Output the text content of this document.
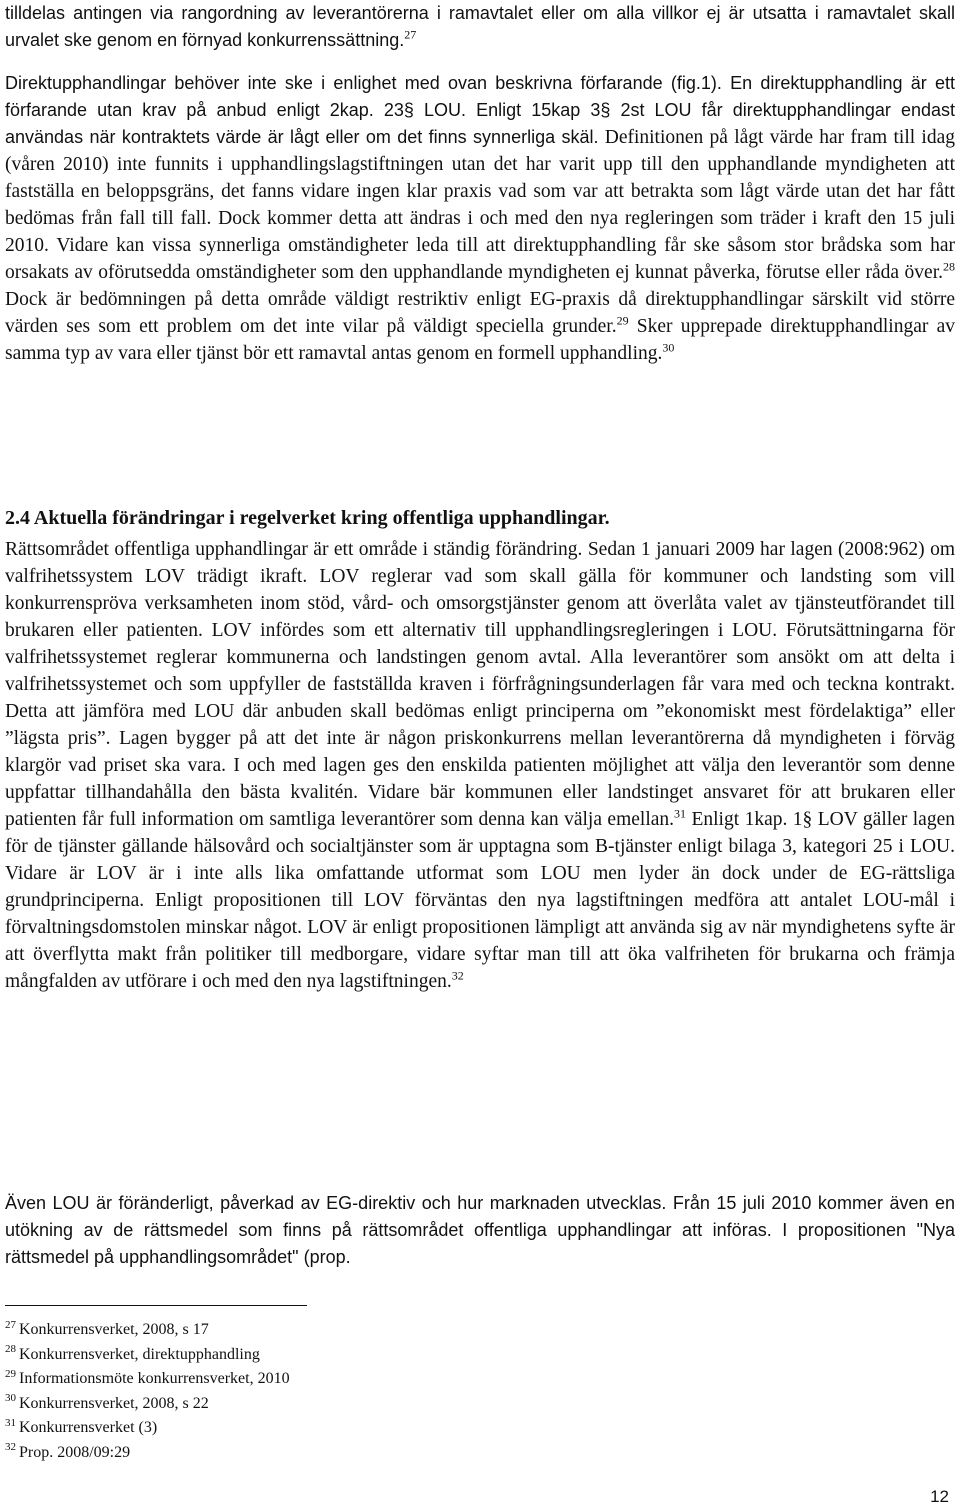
tilldelas antingen via rangordning av leverantörerna i ramavtalet eller om alla villkor ej är utsatta i ramavtalet skall urvalet ske genom en förnyad konkurrenssättning.$^{27}$

Direktupphandlingar behöver inte ske i enlighet med ovan beskrivna förfarande (fig.1). En direktupphandling är ett förfarande utan krav på anbud enligt 2kap. 23§ LOU. Enligt 15kap 3§ 2st LOU får direktupphandlingar endast användas när kontraktets värde är lågt eller om det finns synnerliga skäl. Definitionen på lågt värde har fram till idag (våren 2010) inte funnits i upphandlingslagstiftningen utan det har varit upp till den upphandlande myndigheten att fastställa en beloppsgräns, det fanns vidare ingen klar praxis vad som var att betrakta som lågt värde utan det har fått bedömas från fall till fall. Dock kommer detta att ändras i och med den nya regleringen som träder i kraft den 15 juli 2010. Vidare kan vissa synnerliga omständigheter leda till att direktupphandling får ske såsom stor brådska som har orsakats av oförutsedda omständigheter som den upphandlande myndigheten ej kunnat påverka, förutse eller råda över.$^{28}$ Dock är bedömningen på detta område väldigt restriktiv enligt EG-praxis då direktupphandlingar särskilt vid större värden ses som ett problem om det inte vilar på väldigt speciella grunder.$^{29}$ Sker upprepade direktupphandlingar av samma typ av vara eller tjänst bör ett ramavtal antas genom en formell upphandling.$^{30}$

2.4 Aktuella förändringar i regelverket kring offentliga upphandlingar.

Rättsområdet offentliga upphandlingar är ett område i ständig förändring. Sedan 1 januari 2009 har lagen (2008:962) om valfrihetssystem LOV trädigt ikraft. LOV reglerar vad som skall gälla för kommuner och landsting som vill konkurrenspröva verksamheten inom stöd, vård- och omsorgstjänster genom att överlåta valet av tjänsteutförandet till brukaren eller patienten. LOV infördes som ett alternativ till upphandlingsregleringen i LOU. Förutsättningarna för valfrihetssystemet reglerar kommunerna och landstingen genom avtal. Alla leverantörer som ansökt om att delta i valfrihetssystemet och som uppfyller de fastställda kraven i förfrågningsunderlagen får vara med och teckna kontrakt. Detta att jämföra med LOU där anbuden skall bedömas enligt principerna om ”ekonomiskt mest fördelaktiga” eller ”lägsta pris”. Lagen bygger på att det inte är någon priskonkurrens mellan leverantörerna då myndigheten i förväg klargör vad priset ska vara. I och med lagen ges den enskilda patienten möjlighet att välja den leverantör som denne uppfattar tillhandahålla den bästa kvalitén. Vidare bär kommunen eller landstinget ansvaret för att brukaren eller patienten får full information om samtliga leverantörer som denna kan välja emellan.$^{31}$ Enligt 1kap. 1§ LOV gäller lagen för de tjänster gällande hälsovård och socialtjänster som är upptagna som B-tjänster enligt bilaga 3, kategori 25 i LOU. Vidare är LOV är i inte alls lika omfattande utformat som LOU men lyder än dock under de EG-rättsliga grundprinciperna. Enligt propositionen till LOV förväntas den nya lagstiftningen medföra att antalet LOU-mål i förvaltningsdomstolen minskar något. LOV är enligt propositionen lämpligt att använda sig av när myndighetens syfte är att överflytta makt från politiker till medborgare, vidare syftar man till att öka valfriheten för brukarna och främja mångfalden av utförare i och med den nya lagstiftningen.$^{32}$

Även LOU är föränderligt, påverkad av EG-direktiv och hur marknaden utvecklas. Från 15 juli 2010 kommer även en utökning av de rättsmedel som finns på rättsområdet offentliga upphandlingar att införas. I propositionen "Nya rättsmedel på upphandlingsområdet" (prop.

$^{27}$ Konkurrensverket, 2008, s 17
$^{28}$ Konkurrensverket, direktupphandling
$^{29}$ Informationsmöte konkurrensverket, 2010
$^{30}$ Konkurrensverket, 2008, s 22
$^{31}$ Konkurrensverket (3)
$^{32}$ Prop. 2008/09:29
12
